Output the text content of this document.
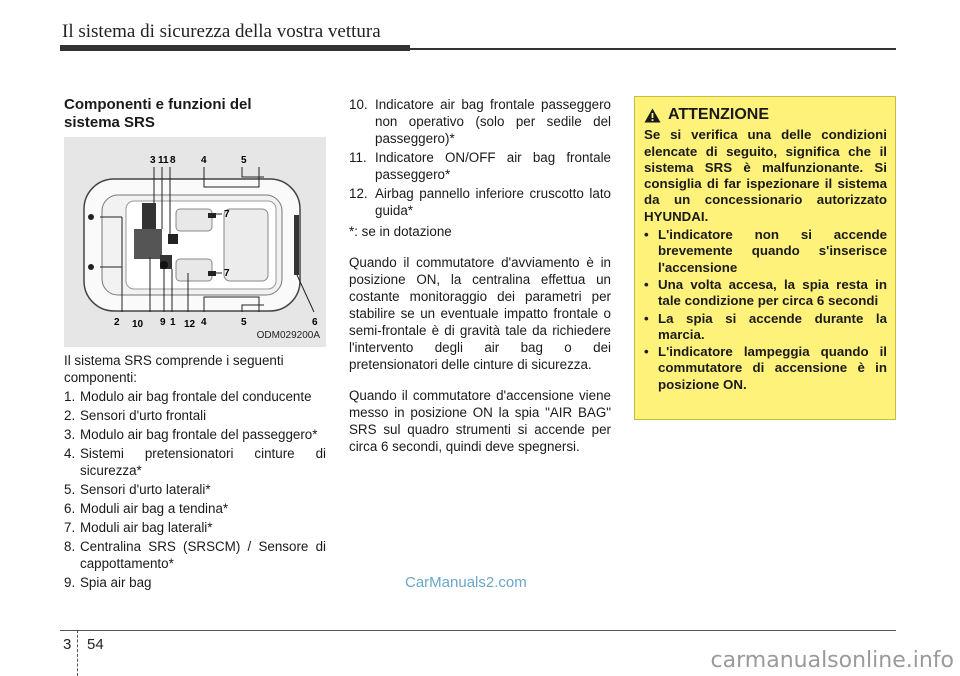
Il sistema di sicurezza della vostra vettura
Componenti e funzioni del sistema SRS
3 11 8	4	5
7
7
2 10 9 1 12 4	5	6
ODM029200A

Il sistema SRS comprende i seguenti componenti:

1. Modulo air bag frontale del conducente
2. Sensori d'urto frontali
3. Modulo air bag frontale del passeggero*
4. Sistemi pretensionatori cinture di sicurezza*
5. Sensori d'urto laterali*
6. Moduli air bag a tendina*
7. Moduli air bag laterali*
8. Centralina SRS (SRSCM) / Sensore di cappottamento*
9. Spia air bag
10. Indicatore air bag frontale passeggero non operativo (solo per sedile del passeggero)*
11. Indicatore ON/OFF air bag frontale passeggero*
12. Airbag pannello inferiore cruscotto lato guida*

*: se in dotazione

Quando il commutatore d'avviamento è in posizione ON, la centralina effettua un costante monitoraggio dei parametri per stabilire se un eventuale impatto frontale o semi-frontale è di gravità tale da richiedere l'intervento degli air bag o dei pretensionatori delle cinture di sicurezza.

Quando il commutatore d'accensione viene messo in posizione ON la spia "AIR BAG" SRS sul quadro strumenti si accende per circa 6 secondi, quindi deve spegnersi.

ATTENZIONE

Se si verifica una delle condizioni elencate di seguito, significa che il sistema SRS è malfunzionante. Si consiglia di far ispezionare il sistema da un concessionario autorizzato HYUNDAI.

• L'indicatore non si accende brevemente quando s'inserisce l'accensione
• Una volta accesa, la spia resta in tale condizione per circa 6 secondi
• La spia si accende durante la marcia.
• L'indicatore lampeggia quando il commutatore di accensione è in posizione ON.
CarManuals2.com
3 54
carmanualsonline.info
